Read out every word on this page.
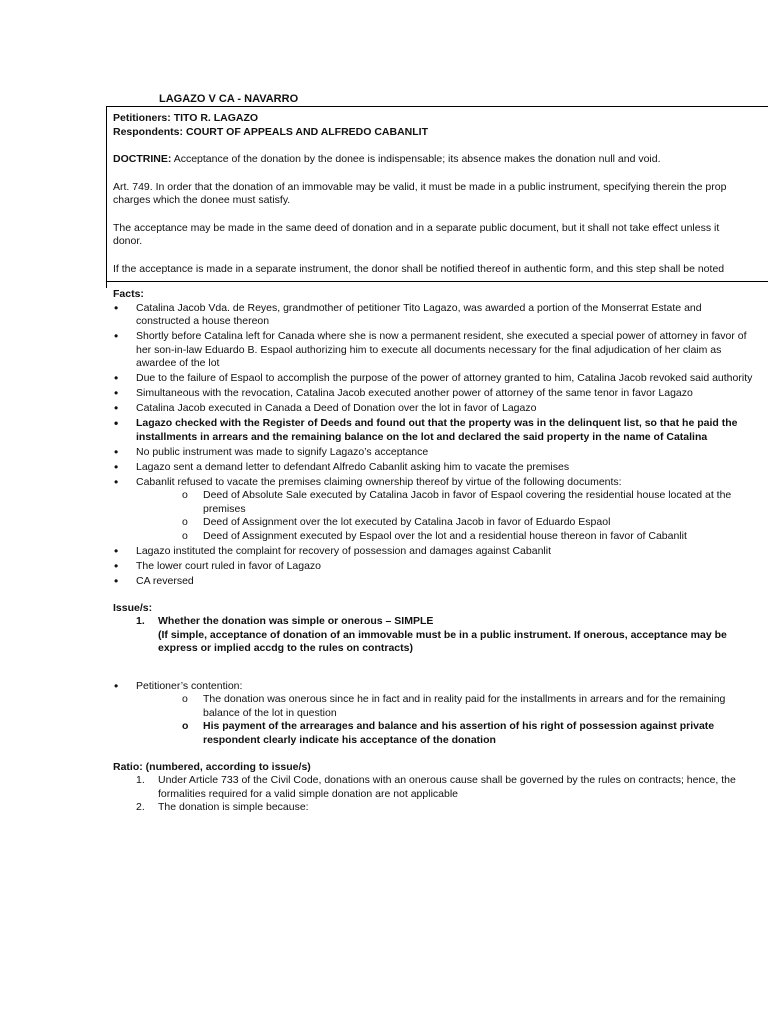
LAGAZO V CA - NAVARRO

Petitioners: TITO R. LAGAZO

Respondents: COURT OF APPEALS AND ALFREDO CABANLIT

DOCTRINE: Acceptance of the donation by the donee is indispensable; its absence makes the donation null and void.

Art. 749. In order that the donation of an immovable may be valid, it must be made in a public instrument, specifying therein the prop

charges which the donee must satisfy.

The acceptance may be made in the same deed of donation and in a separate public document, but it shall not take effect unless it

donor.

If the acceptance is made in a separate instrument, the donor shall be notified thereof in authentic form, and this step shall be noted

Facts:

• Catalina Jacob Vda. de Reyes, grandmother of petitioner Tito Lagazo, was awarded a portion of the Monserrat Estate and constructed a house thereon
• Shortly before Catalina left for Canada where she is now a permanent resident, she executed a special power of attorney in favor of her son-in-law Eduardo B. Espaol authorizing him to execute all documents necessary for the final adjudication of her claim as awardee of the lot
• Due to the failure of Espaol to accomplish the purpose of the power of attorney granted to him, Catalina Jacob revoked said authority
• Simultaneous with the revocation, Catalina Jacob executed another power of attorney of the same tenor in favor Lagazo
• Catalina Jacob executed in Canada a Deed of Donation over the lot in favor of Lagazo
• Lagazo checked with the Register of Deeds and found out that the property was in the delinquent list, so that he paid the installments in arrears and the remaining balance on the lot and declared the said property in the name of Catalina
• No public instrument was made to signify Lagazo’s acceptance
• Lagazo sent a demand letter to defendant Alfredo Cabanlit asking him to vacate the premises
• Cabanlit refused to vacate the premises claiming ownership thereof by virtue of the following documents:
o Deed of Absolute Sale executed by Catalina Jacob in favor of Espaol covering the residential house located at the premises
o Deed of Assignment over the lot executed by Catalina Jacob in favor of Eduardo Espaol
o Deed of Assignment executed by Espaol over the lot and a residential house thereon in favor of Cabanlit
• Lagazo instituted the complaint for recovery of possession and damages against Cabanlit
• The lower court ruled in favor of Lagazo
• CA reversed

Issue/s:

1. Whether the donation was simple or onerous – SIMPLE
(If simple, acceptance of donation of an immovable must be in a public instrument. If onerous, acceptance may be express or implied accdg to the rules on contracts)
• Petitioner’s contention:
o The donation was onerous since he in fact and in reality paid for the installments in arrears and for the remaining balance of the lot in question
o His payment of the arrearages and balance and his assertion of his right of possession against private respondent clearly indicate his acceptance of the donation

Ratio: (numbered, according to issue/s)

1. Under Article 733 of the Civil Code, donations with an onerous cause shall be governed by the rules on contracts; hence, the formalities required for a valid simple donation are not applicable
2. The donation is simple because:
